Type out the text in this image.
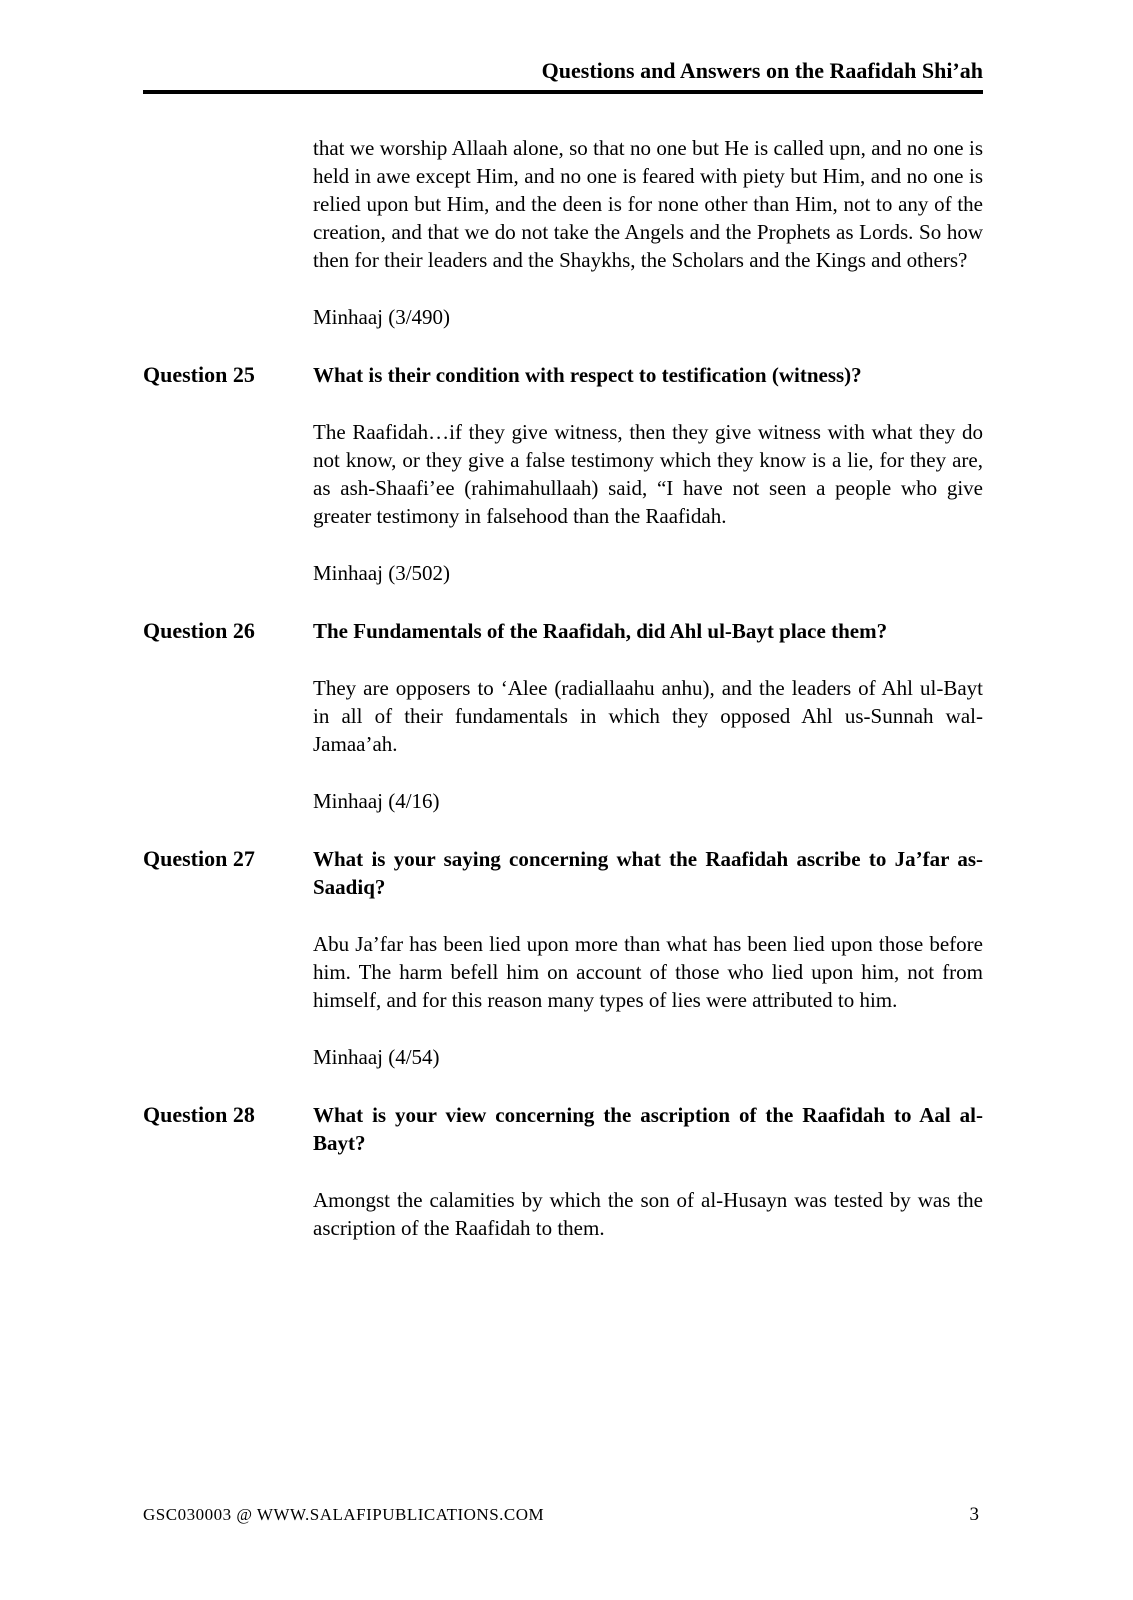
Questions and Answers on the Raafidah Shi’ah

that we worship Allaah alone, so that no one but He is called upn, and no one is held in awe except Him, and no one is feared with piety but Him, and no one is relied upon but Him, and the deen is for none other than Him, not to any of the creation, and that we do not take the Angels and the Prophets as Lords. So how then for their leaders and the Shaykhs, the Scholars and the Kings and others?

Minhaaj (3/490)

Question 25	What is their condition with respect to testification (witness)?

The Raafidah…if they give witness, then they give witness with what they do not know, or they give a false testimony which they know is a lie, for they are, as ash-Shaafi’ee (rahimahullaah) said, “I have not seen a people who give greater testimony in falsehood than the Raafidah.

Minhaaj (3/502)

Question 26	The Fundamentals of the Raafidah, did Ahl ul-Bayt place them?

They are opposers to ‘Alee (radiallaahu anhu), and the leaders of Ahl ul-Bayt in all of their fundamentals in which they opposed Ahl us-Sunnah wal-Jamaa’ah.

Minhaaj (4/16)

Question 27	What is your saying concerning what the Raafidah ascribe to Ja’far as- Saadiq?

Abu Ja’far has been lied upon more than what has been lied upon those before him. The harm befell him on account of those who lied upon him, not from himself, and for this reason many types of lies were attributed to him.

Minhaaj (4/54)

Question 28	What is your view concerning the ascription of the Raafidah to Aal al- Bayt?

Amongst the calamities by which the son of al-Husayn was tested by was the ascription of the Raafidah to them.

GSC030003 @ WWW.SALAFIPUBLICATIONS.COM	3
